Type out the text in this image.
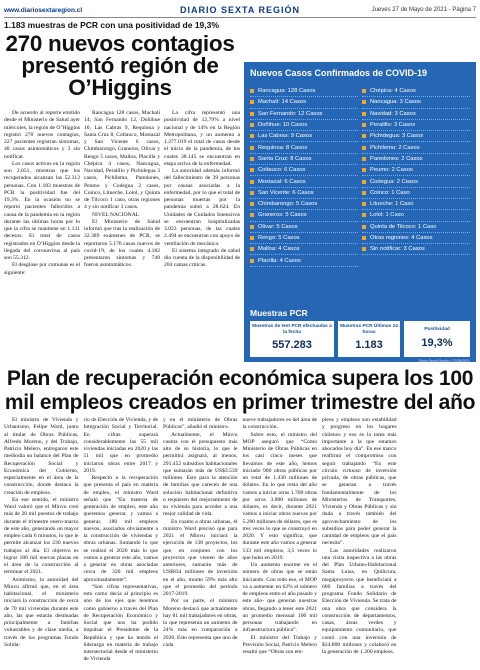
www.diariosextaregion.cl	DIARIO SEXTA REGIÓN	Jueves 27 de Mayo de 2021 - Página 7
1.183 muestras de PCR con una positividad de 19,3%
270 nuevos contagios presentó región de O’Higgins

De acuerdo al reporte emitido desde el Ministerio de Salud ayer miércoles, la región de O’Higgins registró 270 nuevos contagios, 227 pacientes registran síntomas, 40 casos asintomáticos y 3 sin notificar.

Los casos activos en la región son 2.051, mientras que los recuperados alcanzan las 52.312 personas. Con 1.183 muestras de PCR la positividad fue del 19,3%. En la ocasión no se reportó pacientes fallecidos a causa de la pandemia en la región durante las últimas horas por lo que la cifra se mantiene en 1.131 decesos. El total de casos registrados en O’Higgins desde la llegada del coronavirus al país son 55.312.

El desglose por comunas es el siguiente:

Rancagua 128 casos, Machalí 14, San Fernando 12, Doñihue 10, Las Cabras 9, Requinoa y Santa Cruz 8, Coltauco, Mostazal y San Vicente 6 casos, Chimbarongo, Graneros, Olivar y Rengo 5 casos, Malloa, Placilla y Chépica 4 casos, Nancagua, Navidad, Peralillo y Pichidegua 3 casos, Pichilemu, Paredones, Peumo y Codegua 2 casos, Coinco, Litueche, Lolol, y Quinta de Tilcoco 1 caso, otras regiones 4 y sin notificar 3 casos.

NIVEL NACIONAL

El Ministerio de Salud informó que tras la realización de 32.389 exámenes de PCR, se reportaron 5.176 casos nuevos de covid-19, de los cuales 4.182 presentaron síntomas y 748 fueron asintomáticos.

La cifra representó una positividad de 12,79% a nivel nacional y de 14% en la Región Metropolitana, y un aumento a 1.277.019 el total de casos desde el inicio de la pandemia, de los cuales 38.145 se encuentran en etapa activa de la enfermedad.

La autoridad además informó del fallecimiento de 39 personas por causas asociadas a la enfermedad, por lo que el total de personas muertas por la pandemia subió a 28.624. En Unidades de Cuidados Intensivos se encuentran hospitalizadas 3.023 personas, de las cuales 2.494 se encuentran con apoyo de ventilación de mecánica.

El sistema integrado de salud dio cuenta de la disponibilidad de 204 camas críticas.

Nuevos Casos Confirmados de COVID-19
Rancagua: 128 Casos
Machalí: 14 Casos
San Fernando: 12 Casos
Doñihue: 10 Casos
Las Cabras: 9 Casos
Requinoa: 8 Casos
Santa Cruz: 8 Casos
Coltauco: 6 Casos
Mostazal: 6 Casos
San Vicente: 6 Casos
Chimbarongo: 5 Casos
Graneros: 5 Casos
Olivar: 5 Casos
Rengo: 5 Casos
Malloa: 4 Casos
Placilla: 4 Casos
Chépica: 4 Casos
Nancagua: 3 Casos
Navidad: 3 Casos
Peralillo: 3 Casos
Pichidegua: 3 Casos
Pichilemu: 2 Casos
Paredones: 2 Casos
Peumo: 2 Casos
Codegua: 2 Casos
Coinco: 1 Caso
Litueche: 1 Caso
Lolol: 1 Caso
Quinta de Tilcoco: 1 Caso
Otras regiones: 4 Casos
Sin notificar: 3 Casos
Muestras PCR
Muestras de test PCR efectuadas a la fecha
557.283
Muestras PCR Últimas 24 horas
1.183
Positividad
19,3%
Diario Sexta Región | 27/05/2021
Plan de recuperación económica supera los 100 mil empleos creados en primer trimestre del año

El ministro de Vivienda y Urbanismo, Felipe Ward, junto al titular de Obras Públicas, Alfredo Moreno, y del Trabajo, Patricio Melero, entregaron este mediodía un balance del Plan de Recuperación Social y Económica del Gobierno, especialmente en el área de la construcción, donde destaca la creación de empleos.

En ese sentido, el ministro Ward valoró que el Minvu creó más de 20 mil puestos de trabajo durante el trimestre enero-marzo de este año, generando un mayor empleo cada 6 minutos, lo que le permite alcanzar los 230 nuevos trabajos al día. El objetivo es lograr 180 mil nuevas plazas en el área de la construcción al terminar el 2021.

Asimismo, la autoridad del Minvu afirmó que, en el área habitacional, el ministerio iniciará la construcción de cerca de 70 mil viviendas durante este año, las que estarán destinadas principalmente a familias vulnerables y de clase media, a través de los programas Fondo Solida-

rio de Elección de Vivienda, y de Integración Social y Territorial. En cifras superará considerablemente las 55 mil viviendas iniciadas en 2020 y las 51 mil que en promedio iniciaron obras entre 2017 y 2019.

Respecto a la recuperación que presenta el país en materia de empleo, el ministro Ward señaló que “En materia de generación de empleo, este año queremos generar, y vamos a generar, 180 mil empleos nuevos, asociados obviamente a la construcción de viviendas y obras urbanas. Sumando lo que se realizó el 2020 más lo que vamos a generar este año, vamos a generar en obras asociadas cerca de 320 mil empleos aproximadamente”.

“Son cifras representativas, esto como decía al principio es uno de los ejes que tenemos como gobierno a través del Plan de Recuperación Económico y Social que nos ha podido impulsar el Presidente de la República y que ha tenido el liderazgo en materia de trabajo intersectorial desde el ministerio de Vivienda

y en el ministerio de Obras Públicas”, añadió el ministro.

Actualmente, el Minvu cuenta con el presupuesto más alto de su historia, lo que le permitirá asignará, al menos, 291.452 subsidios habitacionales que sumarán más de US$3.539 millones. Esto para la atención de familias que carecen de una solución habitacional definitiva o requieren del mejoramiento de su vivienda para acceder a una mejor calidad de vida.

En cuanto a obras urbanas, el ministro Ward precisó que para 2021 el Minvu iniciará la ejecución de 138 proyectos, los que, en conjunto con los proyectos que vienen de años anteriores, sumarán más de US$834 millones de inversión en el año, monto 59% más alto que el promedio del período 2017-2019.

Por su parte, el ministro Moreno destacó que actualmente hay 81 mil trabajadores en obras, lo que representa un aumento de 24% más en comparación a 2020. Esto representa que uno de cada

nueve trabajadores es del área de la construcción.

Sobre esto, el ministro del MOP aseguró que “Como Ministerio de Obras Públicas en los casi cinco meses que llevamos de este año, hemos iniciado 900 obras públicas por un total de 1.430 millones de dólares. En lo que resta del año vamos a iniciar otras 1.700 obras por otros 3.800 millones de dólares, es decir, durante 2021 vamos a iniciar obras nuevas por 5.200 millones de dólares, que es tres veces lo que se construyó en 2020. Y esto significa, que durante este año vamos a generar 133 mil empleos, 3,5 veces lo que hubo en 2019.

Un aumento enorme en el número de obras que se están iniciando. Con todo eso, el MOP va a aumentar en 62% el número de empleos entre el año pasado y este año- que generan nuestras obras, llegando a tener este 2021 un promedio mensual 100 mil personas trabajando en infraestructura pública”.

El ministro del Trabajo y Previsión Social, Patricio Melero resaltó que “Obras son em-

pleos y empleos son estabilidad y progreso en los hogares chilenos y eso es la tarea más importante a la que estamos abocados hoy día”. En ese marco reafirmó el compromiso con seguir trabajando “En este círculo virtuoso de inversión privada, de obras públicas, que se generan a través fundamentalmente de los Ministerios de Transportes, Vivienda y Obras Públicas y sin duda a través también del aprovechamiento de los subsidios para poder generar la cantidad de empleos que el país necesita”.

Las autoridades realizaron una visita inspectiva a las obras del Plan Urbano-Habitacional Santa Luisa, en Quilicura, megaproyecto que beneficiará a 600 familias a través del programa Fondo Solidario de Elección de Vivienda. Se trata de una obra que considera la construcción de departamentos, casas, áreas verdes y equipamiento comunitario, que contó con una inversión de $34.800 millones y colaboró en la generación de 1.200 empleos.
